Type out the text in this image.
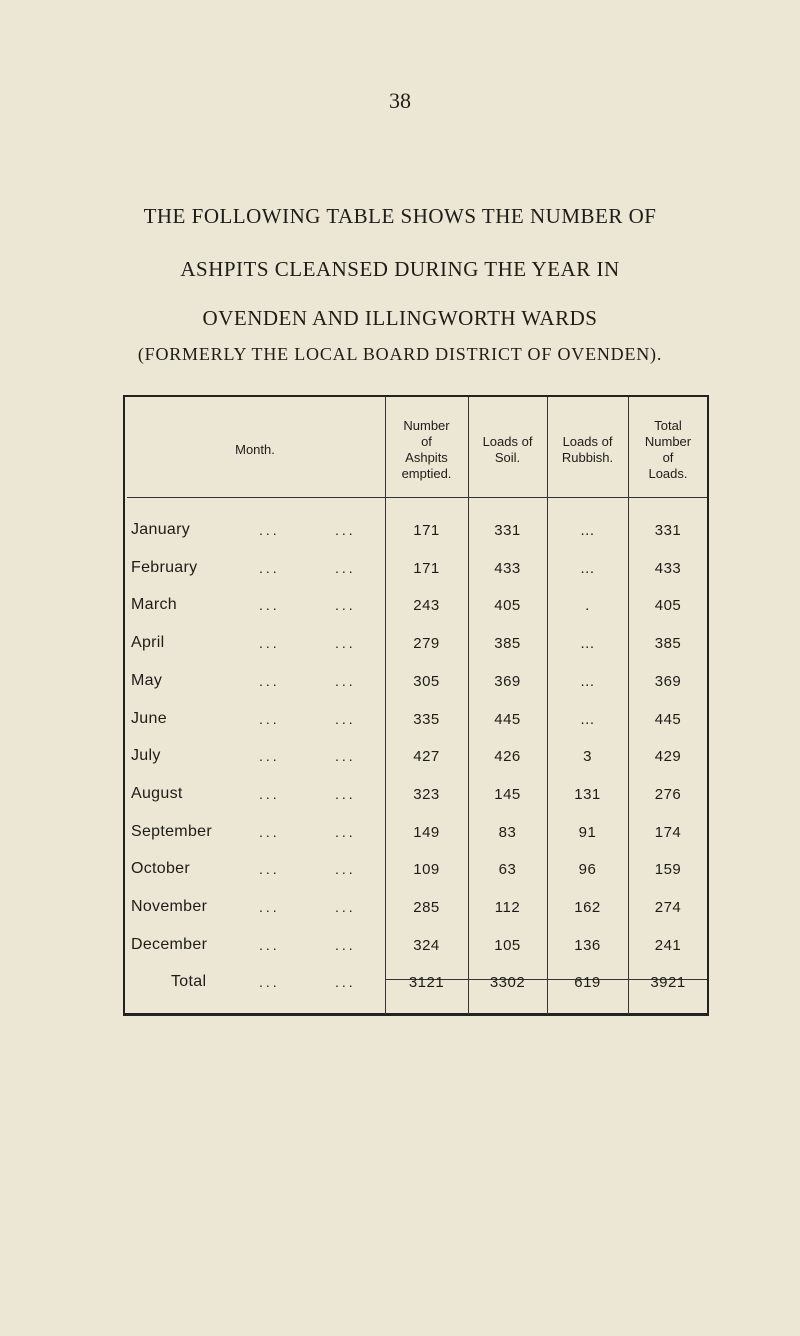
38
THE FOLLOWING TABLE SHOWS THE NUMBER OF
ASHPITS CLEANSED DURING THE YEAR IN
OVENDEN AND ILLINGWORTH WARDS
(FORMERLY THE LOCAL BOARD DISTRICT OF OVENDEN).
Month.
Number
of
Ashpits
emptied.
Loads of
Soil.
Loads of
Rubbish.
Total
Number
of
Loads.
January	...	...	171	331	...	331
February	...	...	171	433	...	433
March	...	...	243	405	.	405
April	...	...	279	385	...	385
May	...	...	305	369	...	369
June	...	...	335	445	...	445
July	...	...	427	426	3	429
August	...	...	323	145	131	276
September	...	...	149	83	91	174
October	...	...	109	63	96	159
November	...	...	285	112	162	274
December	...	...	324	105	136	241
Total	...	...	3121	3302	619	3921
